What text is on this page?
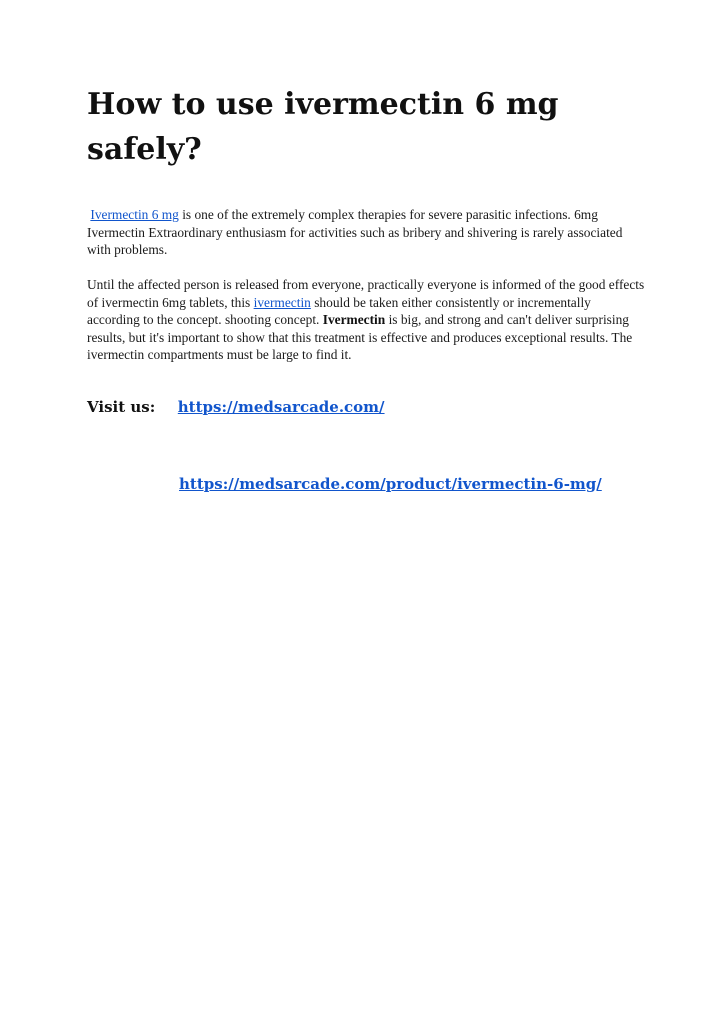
How to use ivermectin 6 mg safely?

Ivermectin 6 mg is one of the extremely complex therapies for severe parasitic infections. 6mg Ivermectin Extraordinary enthusiasm for activities such as bribery and shivering is rarely associated with problems.

Until the affected person is released from everyone, practically everyone is informed of the good effects of ivermectin 6mg tablets, this ivermectin should be taken either consistently or incrementally according to the concept. shooting concept. Ivermectin is big, and strong and can't deliver surprising results, but it's important to show that this treatment is effective and produces exceptional results. The ivermectin compartments must be large to find it.

Visit us: https://medsarcade.com/
https://medsarcade.com/product/ivermectin-6-mg/
